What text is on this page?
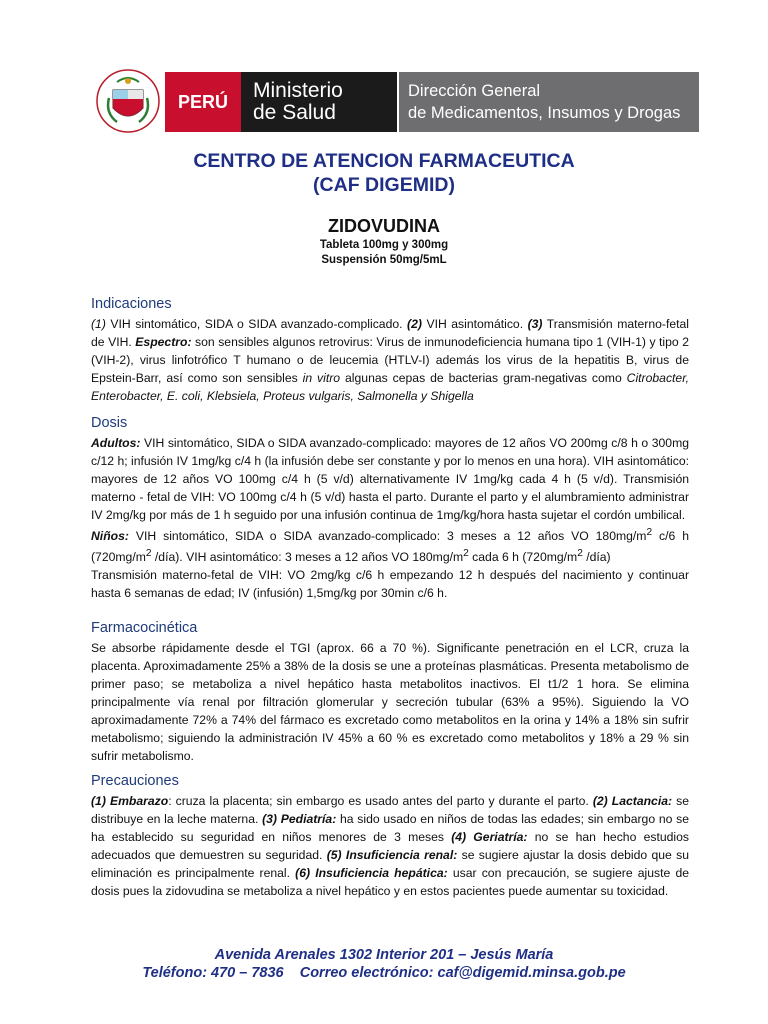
PERÚ	Ministerio
de Salud
Dirección General
de Medicamentos, Insumos y Drogas
CENTRO DE ATENCION FARMACEUTICA
(CAF DIGEMID)
ZIDOVUDINA
Tableta 100mg y 300mg
Suspensión 50mg/5mL
Indicaciones

(1) VIH sintomático, SIDA o SIDA avanzado-complicado. (2) VIH asintomático. (3) Transmisión materno-fetal de VIH. Espectro: son sensibles algunos retrovirus: Virus de inmunodeficiencia humana tipo 1 (VIH-1) y tipo 2 (VIH-2), virus linfotrófico T humano o de leucemia (HTLV-I) además los virus de la hepatitis B, virus de Epstein-Barr, así como son sensibles in vitro algunas cepas de bacterias gram-negativas como Citrobacter, Enterobacter, E. coli, Klebsiela, Proteus vulgaris, Salmonella y Shigella

Dosis

Adultos: VIH sintomático, SIDA o SIDA avanzado-complicado: mayores de 12 años VO 200mg c/8 h o 300mg c/12 h; infusión IV 1mg/kg c/4 h (la infusión debe ser constante y por lo menos en una hora). VIH asintomático: mayores de 12 años VO 100mg c/4 h (5 v/d) alternativamente IV 1mg/kg cada 4 h (5 v/d). Transmisión materno - fetal de VIH: VO 100mg c/4 h (5 v/d) hasta el parto. Durante el parto y el alumbramiento administrar IV 2mg/kg por más de 1 h seguido por una infusión continua de 1mg/kg/hora hasta sujetar el cordón umbilical.

Niños: VIH sintomático, SIDA o SIDA avanzado-complicado: 3 meses a 12 años VO $180mg/m^2$ c/6 h ($720mg/m^2$ /día). VIH asintomático: 3 meses a 12 años VO $180mg/m^2$ cada 6 h ($720mg/m^2$ /día)

Transmisión materno-fetal de VIH: VO 2mg/kg c/6 h empezando 12 h después del nacimiento y continuar hasta 6 semanas de edad; IV (infusión) 1,5mg/kg por 30min c/6 h.

Farmacocinética

Se absorbe rápidamente desde el TGI (aprox. 66 a 70 %). Significante penetración en el LCR, cruza la placenta. Aproximadamente 25% a 38% de la dosis se une a proteínas plasmáticas. Presenta metabolismo de primer paso; se metaboliza a nivel hepático hasta metabolitos inactivos. El t1/2 1 hora. Se elimina principalmente vía renal por filtración glomerular y secreción tubular (63% a 95%). Siguiendo la VO aproximadamente 72% a 74% del fármaco es excretado como metabolitos en la orina y 14% a 18% sin sufrir metabolismo; siguiendo la administración IV 45% a 60 % es excretado como metabolitos y 18% a 29 % sin sufrir metabolismo.

Precauciones

(1) Embarazo: cruza la placenta; sin embargo es usado antes del parto y durante el parto. (2) Lactancia: se distribuye en la leche materna. (3) Pediatría: ha sido usado en niños de todas las edades; sin embargo no se ha establecido su seguridad en niños menores de 3 meses (4) Geriatría: no se han hecho estudios adecuados que demuestren su seguridad. (5) Insuficiencia renal: se sugiere ajustar la dosis debido que su eliminación es principalmente renal. (6) Insuficiencia hepática: usar con precaución, se sugiere ajuste de dosis pues la zidovudina se metaboliza a nivel hepático y en estos pacientes puede aumentar su toxicidad.

Avenida Arenales 1302 Interior 201 – Jesús María
Teléfono: 470 – 7836    Correo electrónico: caf@digemid.minsa.gob.pe
